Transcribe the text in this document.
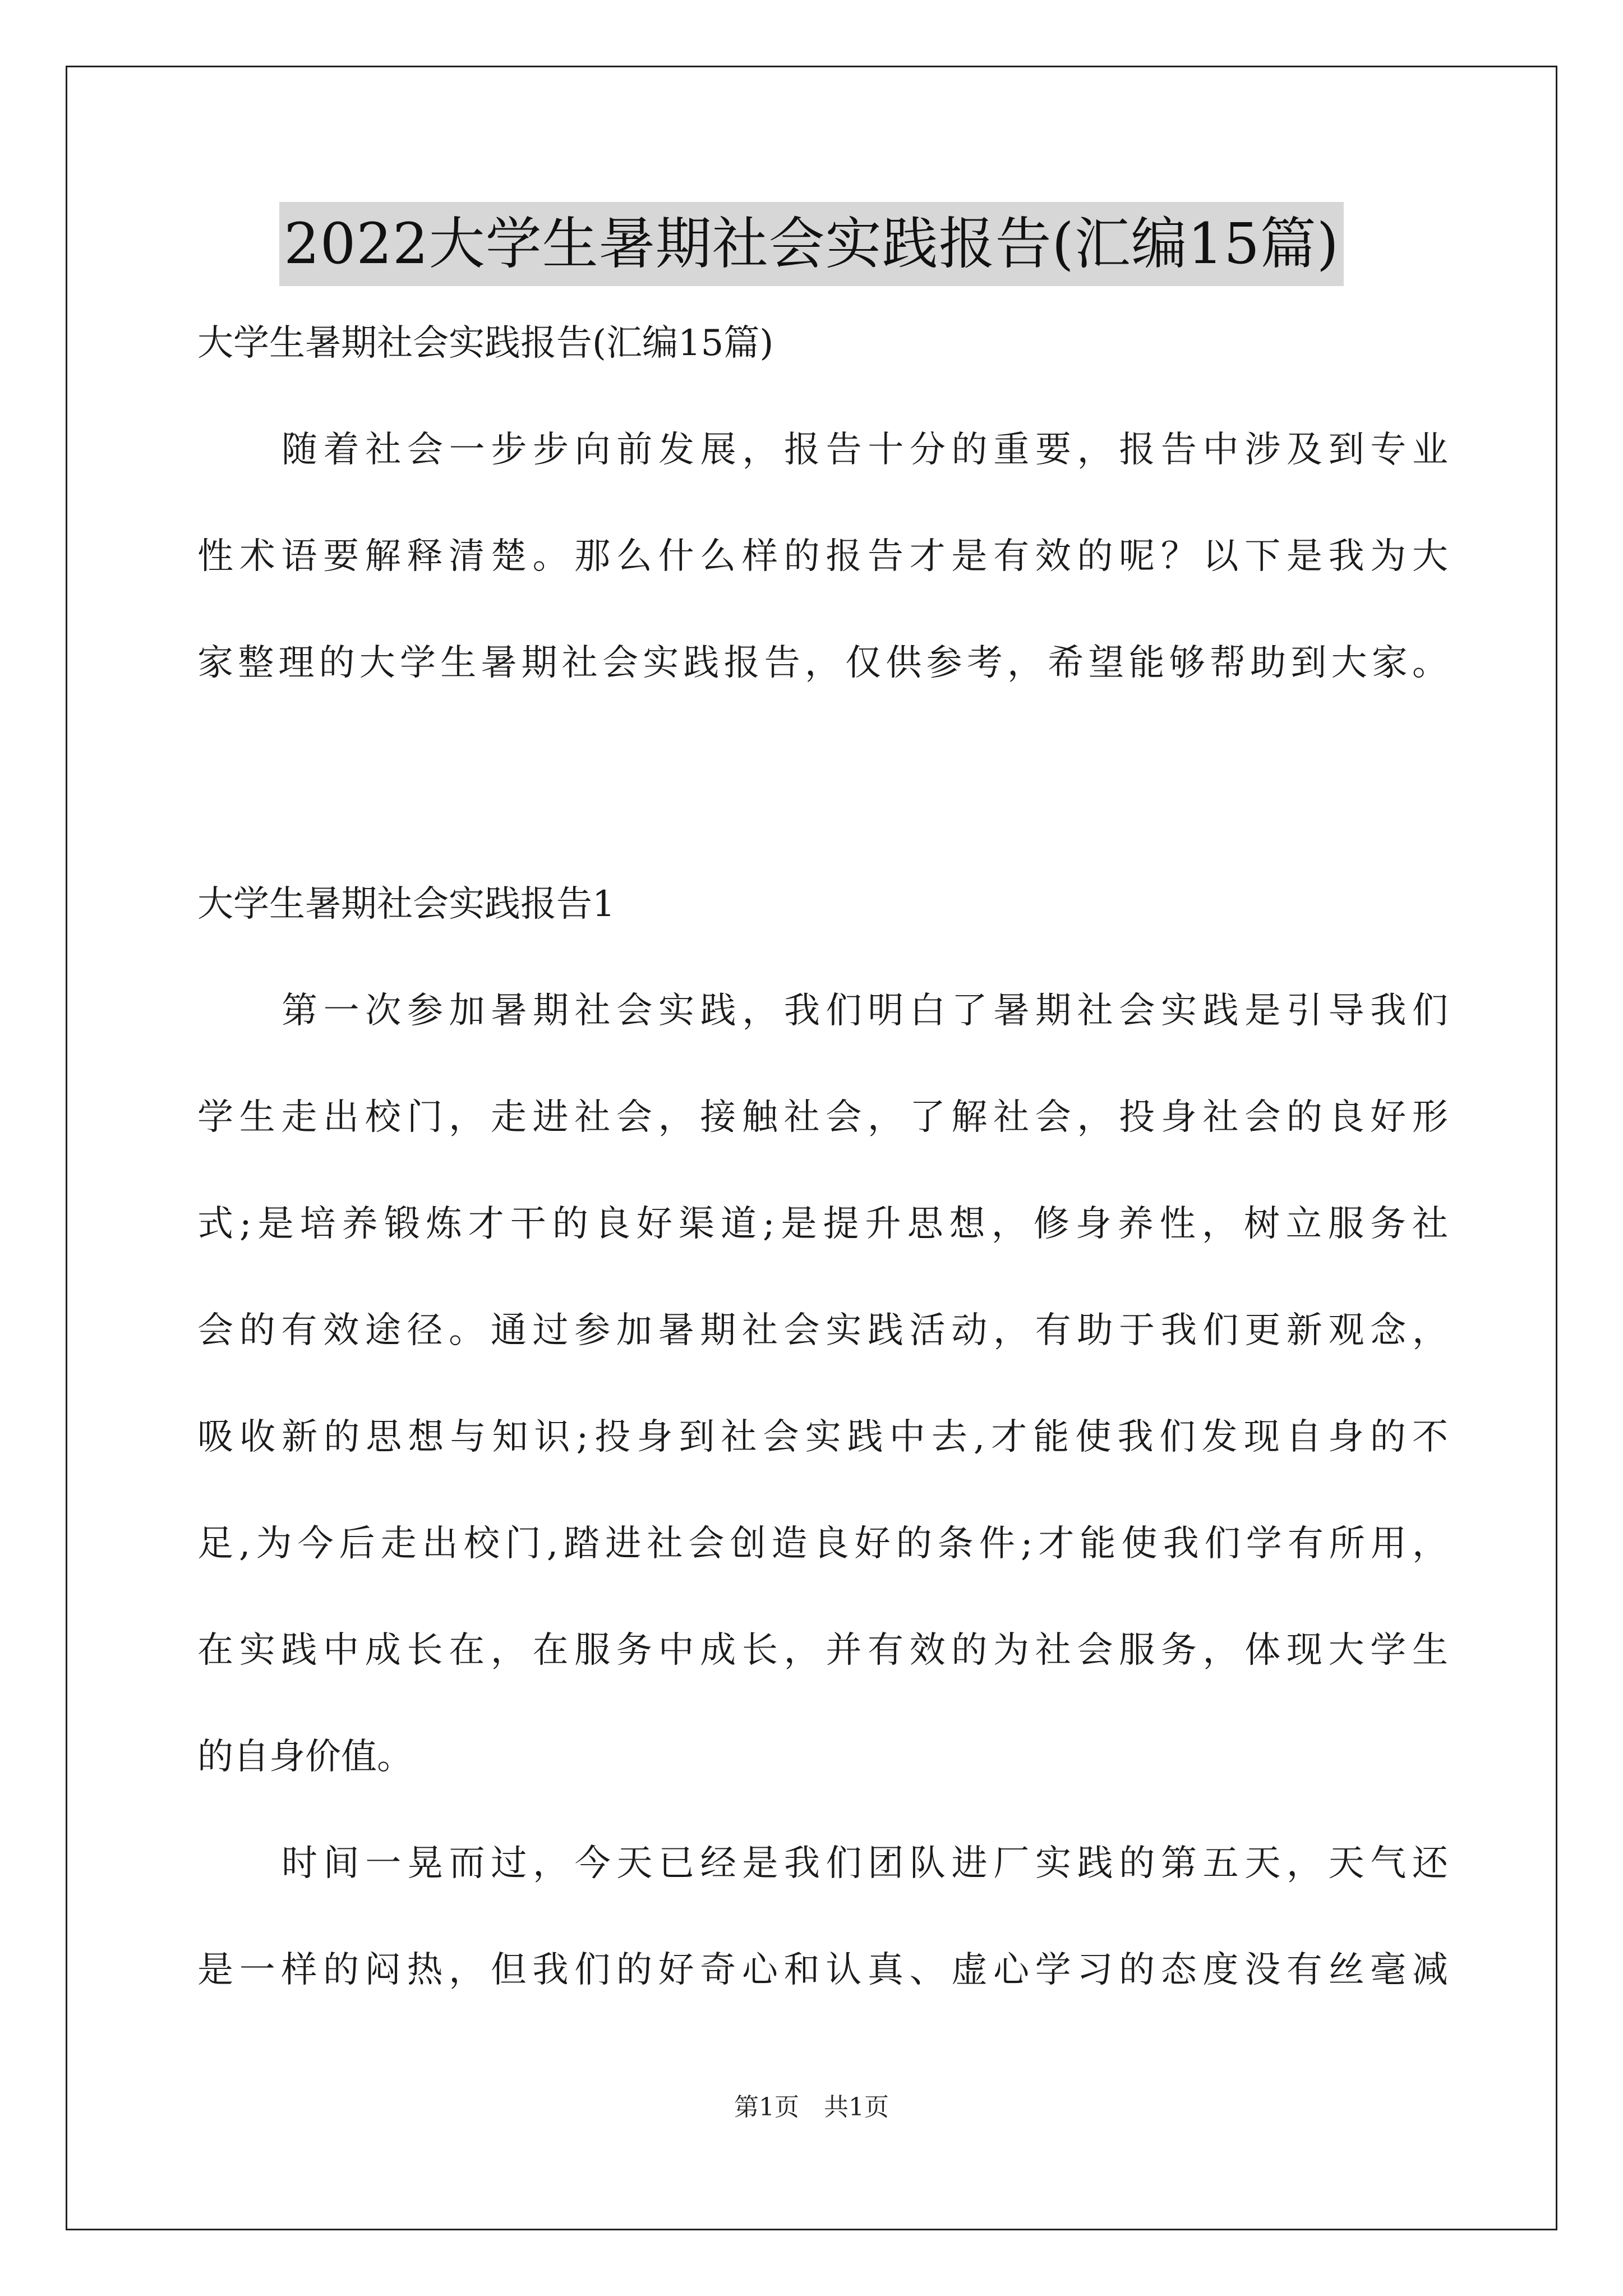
2022大学生暑期社会实践报告(汇编15篇)
大学生暑期社会实践报告(汇编15篇)
随着社会一步步向前发展，报告十分的重要，报告中涉及到专业
性术语要解释清楚。那么什么样的报告才是有效的呢？以下是我为大
家整理的大学生暑期社会实践报告，仅供参考，希望能够帮助到大家。
大学生暑期社会实践报告1
第一次参加暑期社会实践，我们明白了暑期社会实践是引导我们
学生走出校门，走进社会，接触社会，了解社会，投身社会的良好形
式;是培养锻炼才干的良好渠道;是提升思想，修身养性，树立服务社
会的有效途径。通过参加暑期社会实践活动，有助于我们更新观念，
吸收新的思想与知识;投身到社会实践中去,才能使我们发现自身的不
足,为今后走出校门,踏进社会创造良好的条件;才能使我们学有所用，
在实践中成长在，在服务中成长，并有效的为社会服务，体现大学生
的自身价值。
时间一晃而过，今天已经是我们团队进厂实践的第五天，天气还
是一样的闷热，但我们的好奇心和认真、虚心学习的态度没有丝毫减
第1页　共1页
